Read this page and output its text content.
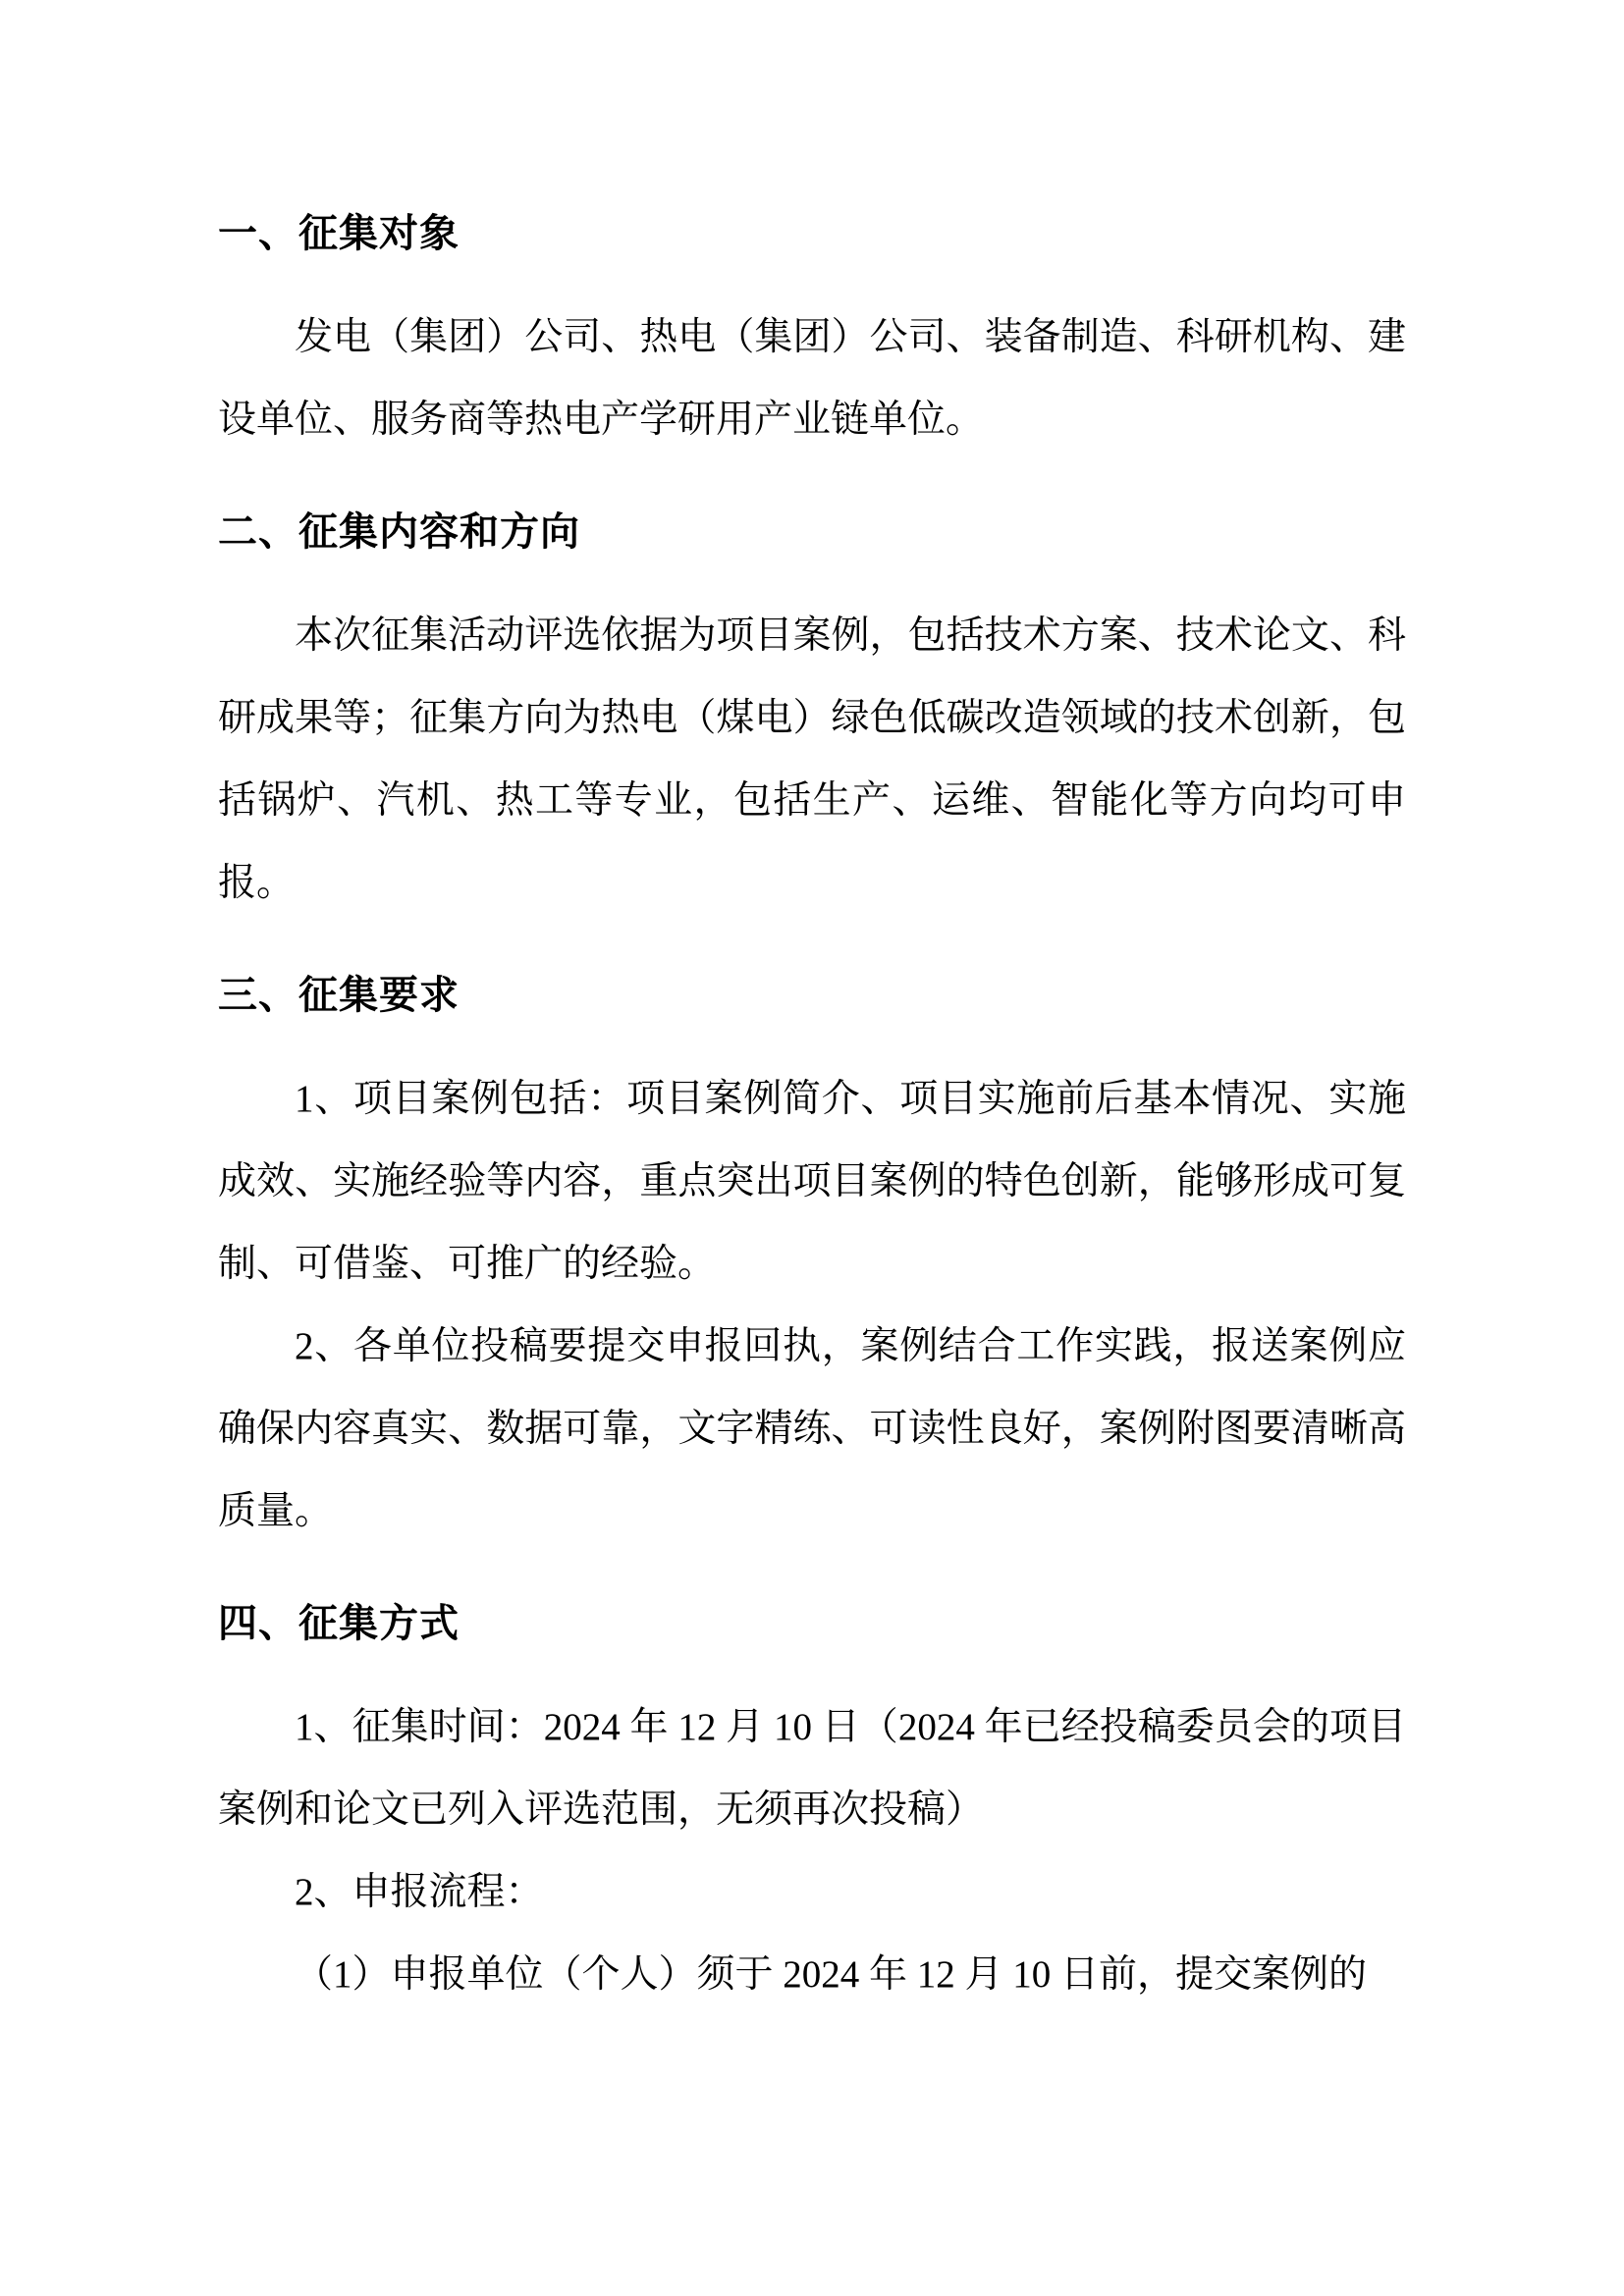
一、征集对象

发电（集团）公司、热电（集团）公司、装备制造、科研机构、建设单位、服务商等热电产学研用产业链单位。

二、征集内容和方向

本次征集活动评选依据为项目案例，包括技术方案、技术论文、科研成果等；征集方向为热电（煤电）绿色低碳改造领域的技术创新，包括锅炉、汽机、热工等专业，包括生产、运维、智能化等方向均可申报。

三、征集要求

1、项目案例包括：项目案例简介、项目实施前后基本情况、实施成效、实施经验等内容，重点突出项目案例的特色创新，能够形成可复制、可借鉴、可推广的经验。

2、各单位投稿要提交申报回执，案例结合工作实践，报送案例应确保内容真实、数据可靠，文字精练、可读性良好，案例附图要清晰高质量。

四、征集方式

1、征集时间：2024 年 12 月 10 日（2024 年已经投稿委员会的项目案例和论文已列入评选范围，无须再次投稿）

2、申报流程：

（1）申报单位（个人）须于 2024 年 12 月 10 日前，提交案例的
